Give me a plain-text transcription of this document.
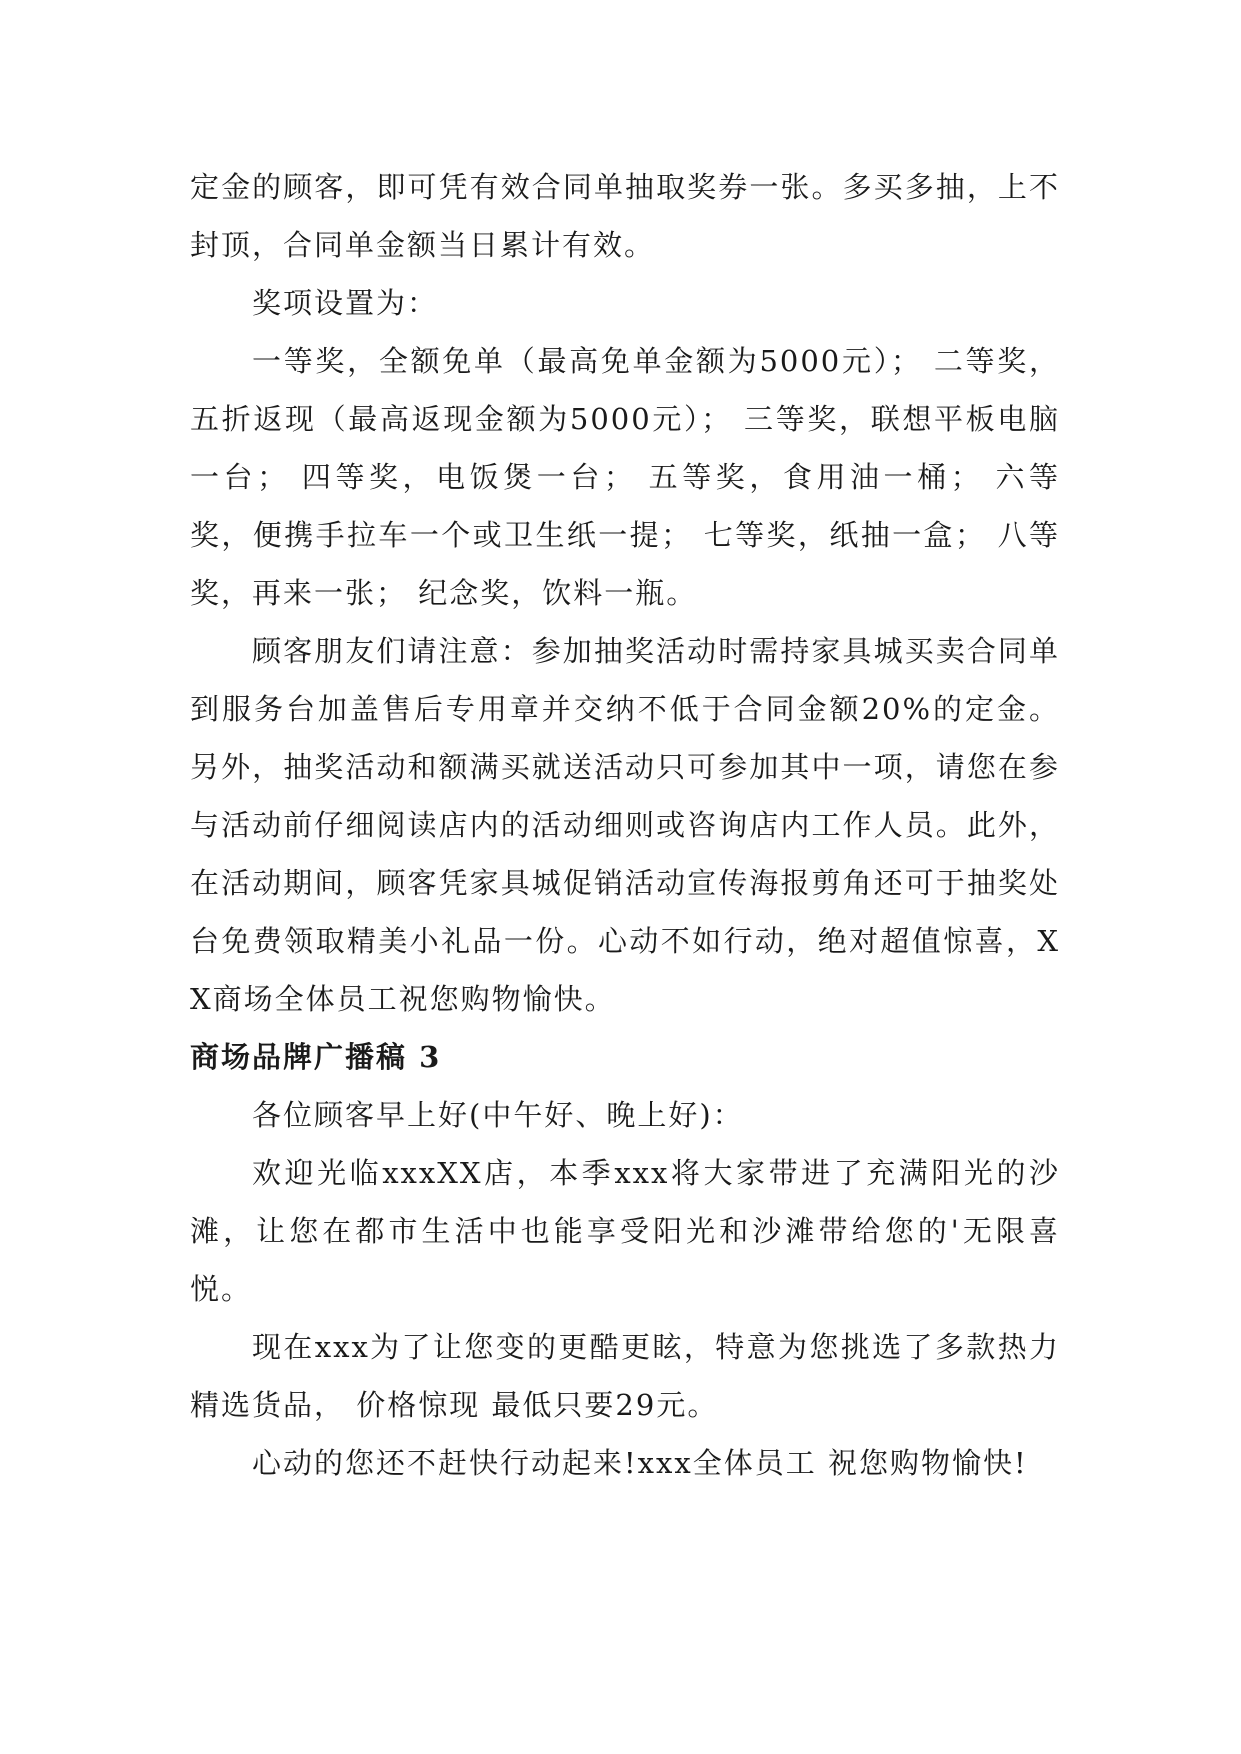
定金的顾客，即可凭有效合同单抽取奖券一张。多买多抽，上不封顶，合同单金额当日累计有效。

奖项设置为：

一等奖，全额免单（最高免单金额为5000元）； 二等奖，五折返现（最高返现金额为5000元）； 三等奖，联想平板电脑一台； 四等奖，电饭煲一台； 五等奖，食用油一桶； 六等奖，便携手拉车一个或卫生纸一提； 七等奖，纸抽一盒； 八等奖，再来一张； 纪念奖，饮料一瓶。

顾客朋友们请注意：参加抽奖活动时需持家具城买卖合同单到服务台加盖售后专用章并交纳不低于合同金额20%的定金。另外，抽奖活动和额满买就送活动只可参加其中一项，请您在参与活动前仔细阅读店内的活动细则或咨询店内工作人员。此外，在活动期间，顾客凭家具城促销活动宣传海报剪角还可于抽奖处台免费领取精美小礼品一份。心动不如行动，绝对超值惊喜，XX商场全体员工祝您购物愉快。

商场品牌广播稿 3

各位顾客早上好(中午好、晚上好)：

欢迎光临xxxXX店，本季xxx将大家带进了充满阳光的沙滩，让您在都市生活中也能享受阳光和沙滩带给您的'无限喜悦。

现在xxx为了让您变的更酷更眩，特意为您挑选了多款热力精选货品， 价格惊现 最低只要29元。

心动的您还不赶快行动起来!xxx全体员工 祝您购物愉快!
